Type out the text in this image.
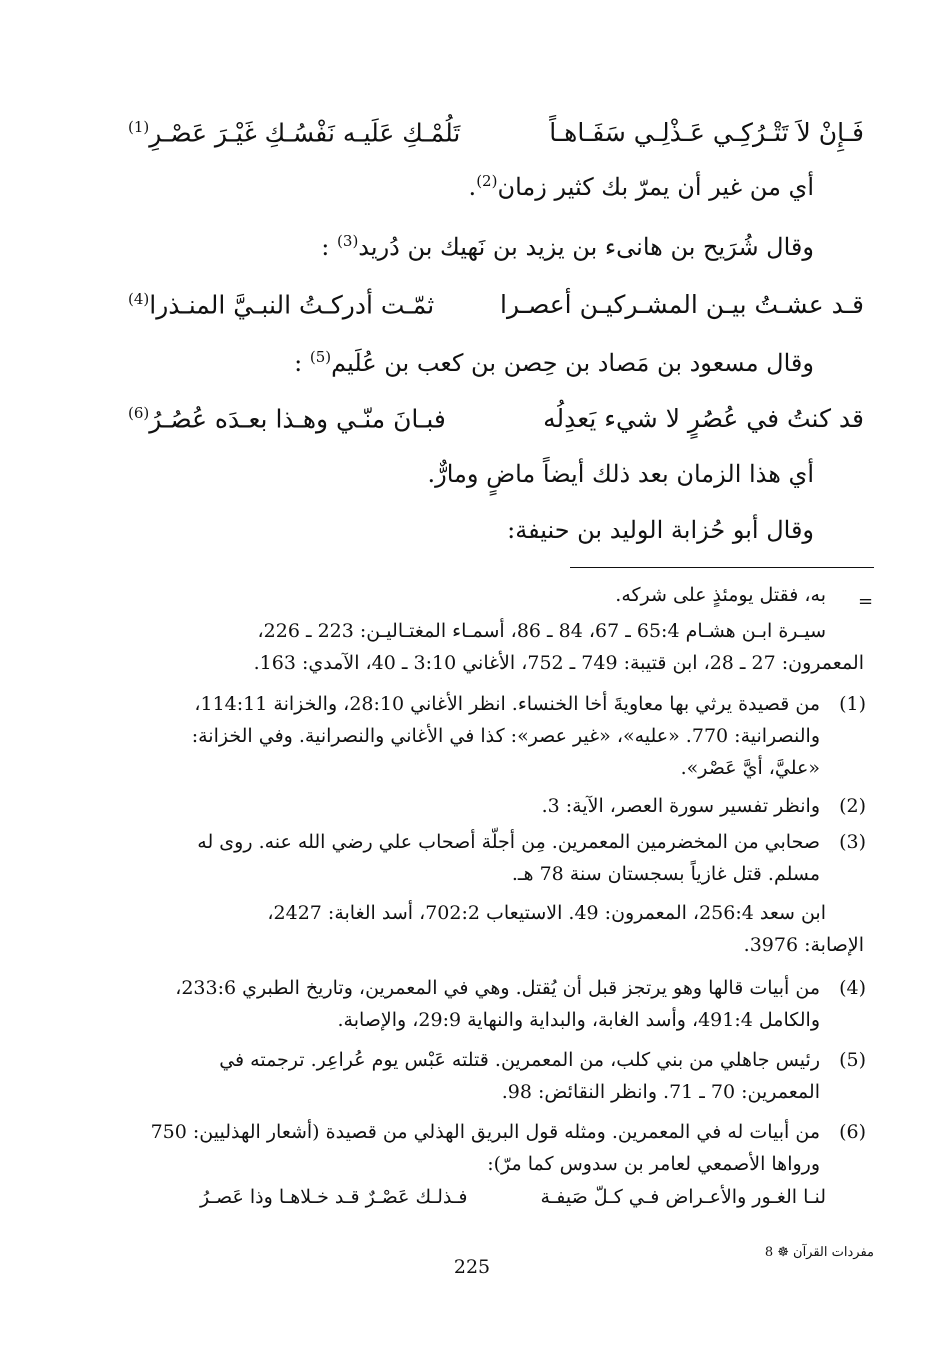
فَـإِنْ لاَ تَتْـرُكِـي عَـذْلِـي سَفَـاهـاً
تَلُمْـكِ عَلَيـه نَفْسُـكِ غَيْـرَ عَصْـرِ$^{(1)}$
أي من غير أن يمرّ بك كثير زمان$^{(2)}$.
وقال شُرَيح بن هانىء بن يزيد بن نَهيك بن دُريد$^{(3)}$ :
قـد عشـتُ بيـن المشـركيـن أعصـرا
ثمّـت أدركـتُ النبـيَّ المنـذرا$^{(4)}$
وقال مسعود بن مَصاد بن حِصن بن كعب بن عُلَيم$^{(5)}$ :
قد كنتُ في عُصُرٍ لا شيء يَعدِلُه
فبـانَ منّـي وهـذا بعـدَه عُصُـرُ$^{(6)}$
أي هذا الزمان بعد ذلك أيضاً ماضٍ ومارٌّ.
وقال أبو حُزابة الوليد بن حنيفة:
=
به، فقتل يومئذٍ على شركه.
سيـرة ابـن هشـام 65:4 ـ 67، 84 ـ 86، أسمـاء المغتـاليـن: 223 ـ 226،
المعمرون: 27 ـ 28، ابن قتيبة: 749 ـ 752، الأغاني 3:10 ـ 40، الآمدي: 163.
(1)
من قصيدة يرثي بها معاويةَ أخا الخنساء. انظر الأغاني 28:10، والخزانة 114:11،
والنصرانية: 770. «عليه»، «غير عصر»: كذا في الأغاني والنصرانية. وفي الخزانة:
«عليَّ، أيَّ عَصْر».
(2)
وانظر تفسير سورة العصر، الآية: 3.
(3)
صحابي من المخضرمين المعمرين. مِن أجلّة أصحاب علي رضي الله عنه. روى له
مسلم. قتل غازياً بسجستان سنة 78 هـ.
ابن سعد 256:4، المعمرون: 49. الاستيعاب 702:2، أسد الغابة: 2427،
الإصابة: 3976.
(4)
من أبيات قالها وهو يرتجز قبل أن يُقتل. وهي في المعمرين، وتاريخ الطبري 233:6،
والكامل 491:4، وأسد الغابة، والبداية والنهاية 29:9، والإصابة.
(5)
رئيس جاهلي من بني كلب، من المعمرين. قتلته عَبْس يوم عُراعِر. ترجمته في
المعمرين: 70 ـ 71. وانظر النقائض: 98.
(6)
من أبيات له في المعمرين. ومثله قول البريق الهذلي من قصيدة (أشعار الهذليين: 750
ورواها الأصمعي لعامر بن سدوس كما مرّ):
لنـا الغـور والأعـراض فـي كـلّ صَيفـة
فـذلـك عَصْـرٌ قـد خـلاهـا وذا عَصـرُ
مفردات القرآن ☸ 8
225
